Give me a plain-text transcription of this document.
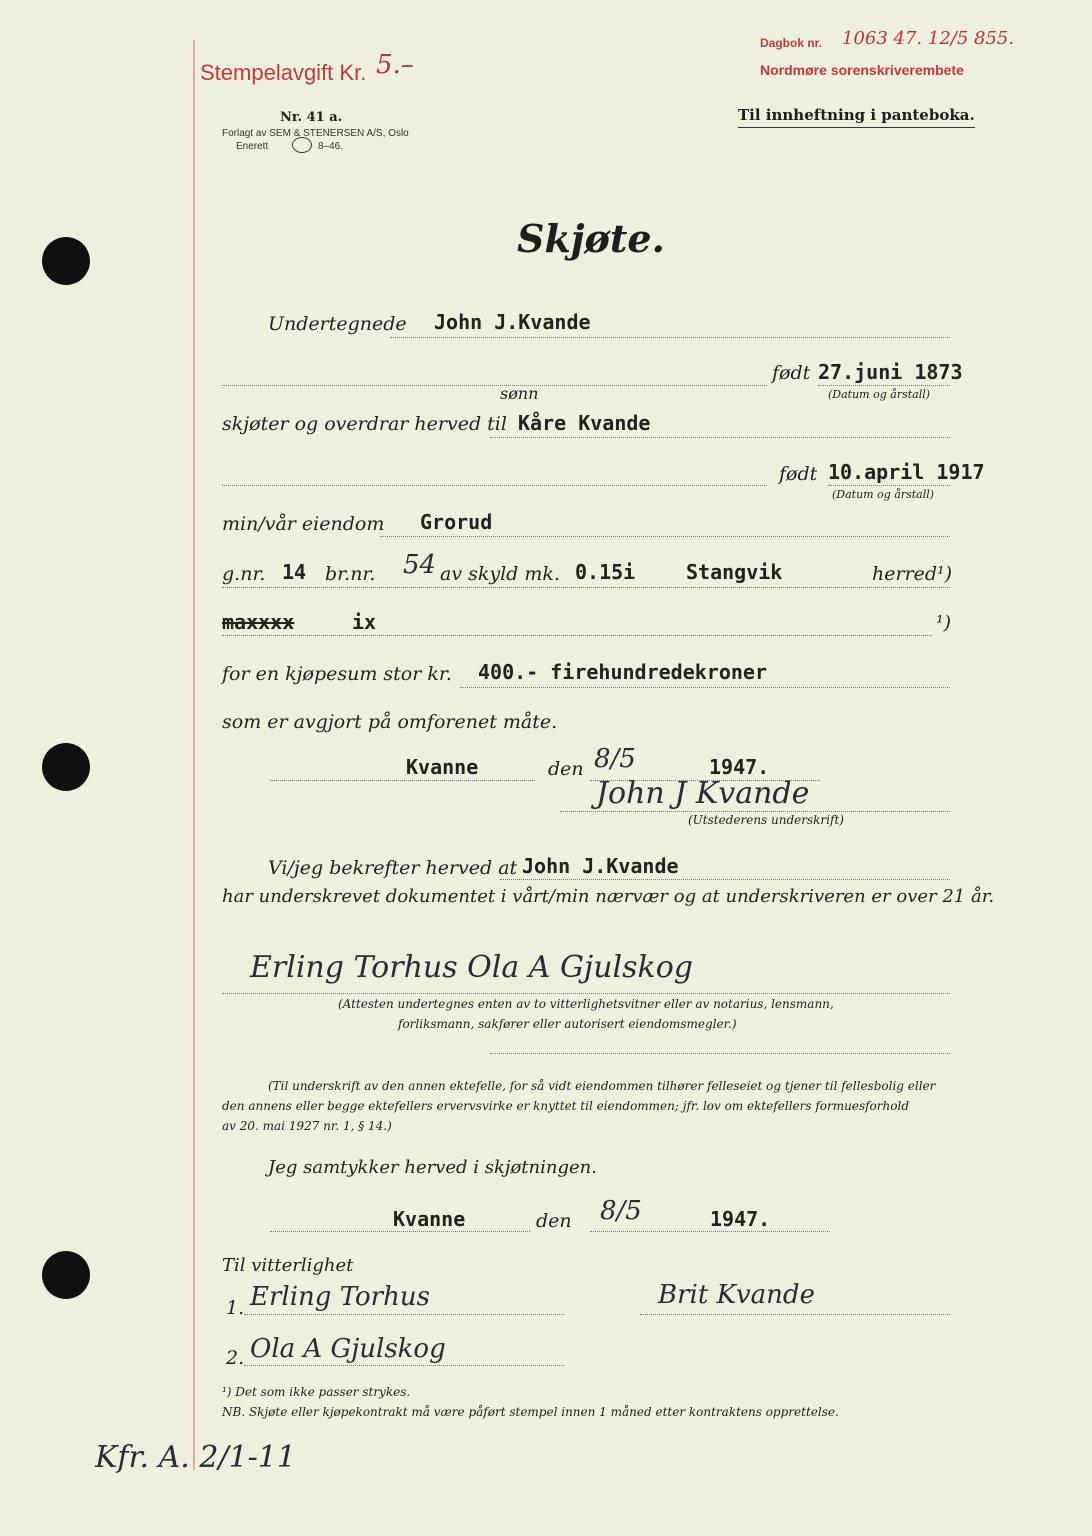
Stempelavgift Kr. 5.–
Dagbok nr. 1063 47. 12/5 855.
Nordmøre sorenskriverembete
Nr. 41 a.
Forlagt av SEM & STENERSEN A/S, Oslo
Enerett	8–46.
Til innheftning i panteboka.
Skjøte.
Undertegnede John J.Kvande
født 27.juni 1873
(Datum og årstall)
skjøter og overdrar herved til
sønn
Kåre Kvande
født 10.april 1917
(Datum og årstall)
min/vår eiendom Grorud
g.nr. 14 br.nr. 54 av skyld mk. 0.15i	Stangvik	herred¹)
maxxxx	ix	¹)
for en kjøpesum stor kr. 400.- firehundredekroner
som er avgjort på omforenet måte.
Kvanne	den 8/5	1947.
John J Kvande
(Utstederens underskrift)
Vi/jeg bekrefter herved at John J.Kvande
har underskrevet dokumentet i vårt/min nærvær og at underskriveren er over 21 år.
Erling Torhus Ola A Gjulskog
(Attesten undertegnes enten av to vitterlighetsvitner eller av notarius, lensmann,
forliksmann, sakfører eller autorisert eiendomsmegler.)
(Til underskrift av den annen ektefelle, for så vidt eiendommen tilhører felleseiet og tjener til fellesbolig eller
den annens eller begge ektefellers ervervsvirke er knyttet til eiendommen; jfr. lov om ektefellers formuesforhold
av 20. mai 1927 nr. 1, § 14.)
Jeg samtykker herved i skjøtningen.
Kvanne	den 8/5	1947.
Til vitterlighet
1. Erling Torhus	Brit Kvande
2. Ola A Gjulskog
¹) Det som ikke passer strykes.
NB. Skjøte eller kjøpekontrakt må være påført stempel innen 1 måned etter kontraktens opprettelse.
Kfr. A. 2/1-11
